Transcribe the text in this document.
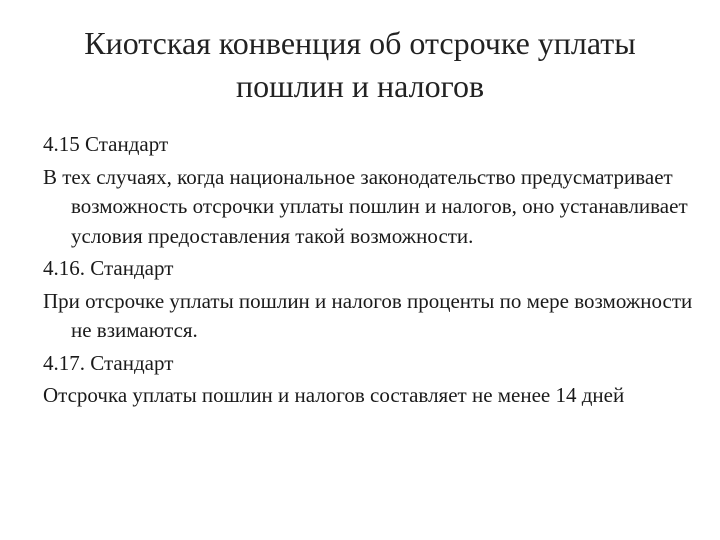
Киотская конвенция об отсрочке уплаты
пошлин и налогов

4.15 Стандарт

В тех случаях, когда национальное законодательство предусматривает возможность отсрочки уплаты пошлин и налогов, оно устанавливает условия предоставления такой возможности.

4.16. Стандарт

При отсрочке уплаты пошлин и налогов проценты по мере возможности не взимаются.

4.17. Стандарт

Отсрочка уплаты пошлин и налогов составляет не менее 14 дней
